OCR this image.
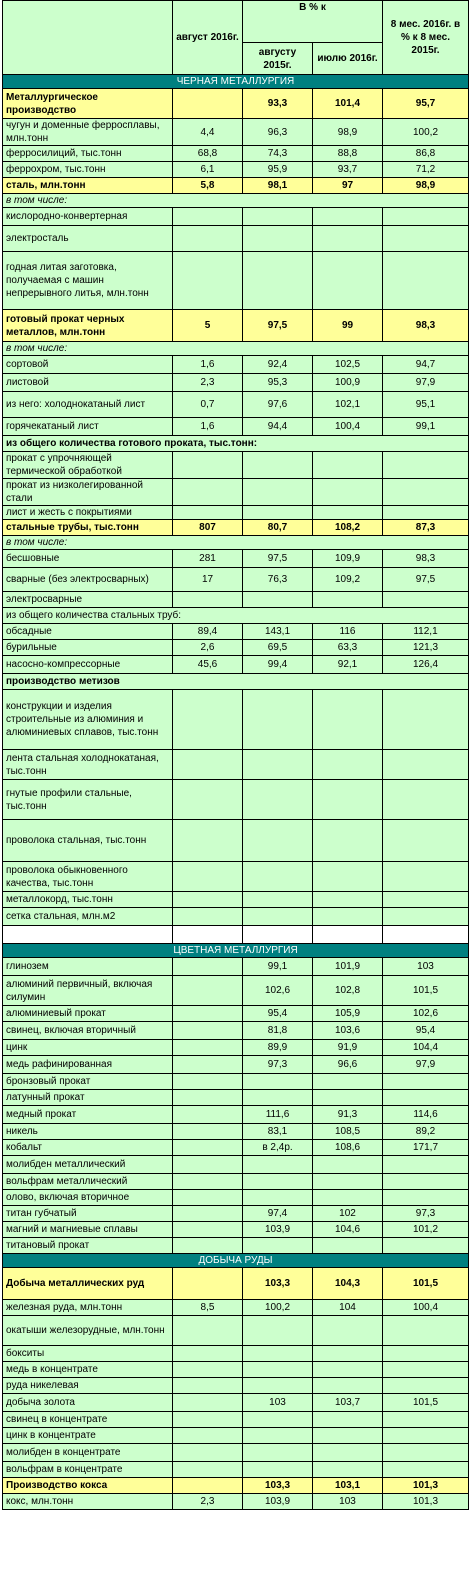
	август 2016г.	В % к		8 мес. 2016г. в % к 8 мес. 2015г.
		августу 2015г.	июлю 2016г.	
ЧЕРНАЯ МЕТАЛЛУРГИЯ				
Металлургическое производство		93,3	101,4	95,7
чугун и доменные ферросплавы, млн.тонн	4,4	96,3	98,9	100,2
ферросилиций, тыс.тонн	68,8	74,3	88,8	86,8
феррохром, тыс.тонн	6,1	95,9	93,7	71,2
сталь, млн.тонн	5,8	98,1	97	98,9
в том числе:				
кислородно-конвертерная				
электросталь				
годная литая заготовка, получаемая с машин непрерывного литья, млн.тонн				
готовый прокат черных металлов, млн.тонн	5	97,5	99	98,3
в том числе:				
сортовой	1,6	92,4	102,5	94,7
листовой	2,3	95,3	100,9	97,9
из него: холоднокатаный лист	0,7	97,6	102,1	95,1
горячекатаный лист	1,6	94,4	100,4	99,1
из общего количества готового проката, тыс.тонн:				
прокат с упрочняющей термической обработкой				
прокат из низколегированной стали				
лист и жесть с покрытиями				
стальные трубы, тыс.тонн	807	80,7	108,2	87,3
в том числе:				
бесшовные	281	97,5	109,9	98,3
сварные (без электросварных)	17	76,3	109,2	97,5
электросварные				
из общего количества стальных труб:				
обсадные	89,4	143,1	116	112,1
бурильные	2,6	69,5	63,3	121,3
насосно-компрессорные	45,6	99,4	92,1	126,4
производство метизов				
конструкции и изделия строительные из алюминия и алюминиевых сплавов, тыс.тонн				
лента стальная холоднокатаная, тыс.тонн				
гнутые профили стальные, тыс.тонн				
проволока стальная, тыс.тонн				
проволока обыкновенного качества, тыс.тонн				
металлокорд, тыс.тонн				
сетка стальная, млн.м2				

ЦВЕТНАЯ МЕТАЛЛУРГИЯ				
глинозем		99,1	101,9	103
алюминий первичный, включая силумин		102,6	102,8	101,5
алюминиевый прокат		95,4	105,9	102,6
свинец, включая вторичный		81,8	103,6	95,4
цинк		89,9	91,9	104,4
медь рафинированная		97,3	96,6	97,9
бронзовый прокат				
латунный прокат				
медный прокат		111,6	91,3	114,6
никель		83,1	108,5	89,2
кобальт		в 2,4р.	108,6	171,7
молибден металлический				
вольфрам металлический				
олово, включая вторичное				
титан губчатый		97,4	102	97,3
магний и магниевые сплавы		103,9	104,6	101,2
титановый прокат				
ДОБЫЧА РУДЫ				
Добыча металлических руд		103,3	104,3	101,5
железная руда, млн.тонн	8,5	100,2	104	100,4
окатыши железорудные, млн.тонн				
бокситы				
медь в концентрате				
руда никелевая				
добыча золота		103	103,7	101,5
свинец в концентрате				
цинк в концентрате				
молибден в концентрате				
вольфрам в концентрате				
Производство кокса		103,3	103,1	101,3
кокс, млн.тонн	2,3	103,9	103	101,3
